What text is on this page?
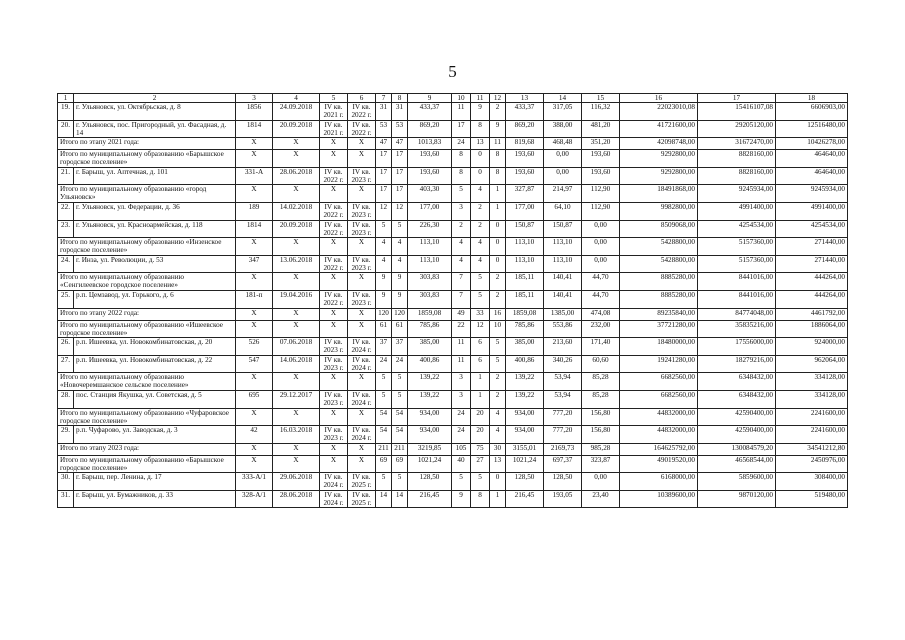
5
1	2	3	4	5	6	7	8	9	10	11	12	13	14	15	16	17	18
19.	г. Ульяновск, ул. Октябрьская, д. 8	1856	24.09.2018	IV кв. 2021 г.	IV кв. 2022 г.	31	31	433,37	11	9	2	433,37	317,05	116,32	22023010,08	15416107,08	6606903,00
20.	г. Ульяновск, пос. Пригородный, ул. Фасадная, д. 14	1814	20.09.2018	IV кв. 2021 г.	IV кв. 2022 г.	53	53	869,20	17	8	9	869,20	388,00	481,20	41721600,00	29205120,00	12516480,00
Итого по этапу 2021 года:		X	X	X	X	47	47	1013,83	24	13	11	819,68	468,48	351,20	42098748,00	31672470,00	10426278,00
Итого по муниципальному образованию «Барышское городское поселение»		X	X	X	X	17	17	193,60	8	0	8	193,60	0,00	193,60	9292800,00	8828160,00	464640,00
21.	г. Барыш, ул. Аптечная, д. 101	331-А	28.06.2018	IV кв. 2022 г.	IV кв. 2023 г.	17	17	193,60	8	0	8	193,60	0,00	193,60	9292800,00	8828160,00	464640,00
Итого по муниципальному образованию «город Ульяновск»		X	X	X	X	17	17	403,30	5	4	1	327,87	214,97	112,90	18491868,00	9245934,00	9245934,00
22.	г. Ульяновск, ул. Федерации, д. 36	189	14.02.2018	IV кв. 2022 г.	IV кв. 2023 г.	12	12	177,00	3	2	1	177,00	64,10	112,90	9982800,00	4991400,00	4991400,00
23.	г. Ульяновск, ул. Красноармейская, д. 118	1814	20.09.2018	IV кв. 2022 г.	IV кв. 2023 г.	5	5	226,30	2	2	0	150,87	150,87	0,00	8509068,00	4254534,00	4254534,00
Итого по муниципальному образованию «Инзенское городское поселение»		X	X	X	X	4	4	113,10	4	4	0	113,10	113,10	0,00	5428800,00	5157360,00	271440,00
24.	г. Инза, ул. Революции, д. 53	347	13.06.2018	IV кв. 2022 г.	IV кв. 2023 г.	4	4	113,10	4	4	0	113,10	113,10	0,00	5428800,00	5157360,00	271440,00
Итого по муниципальному образованию «Сенгилеевское городское поселение»		X	X	X	X	9	9	303,83	7	5	2	185,11	140,41	44,70	8885280,00	8441016,00	444264,00
25.	р.п. Цемзавод, ул. Горького, д. 6	181-п	19.04.2016	IV кв. 2022 г.	IV кв. 2023 г.	9	9	303,83	7	5	2	185,11	140,41	44,70	8885280,00	8441016,00	444264,00
Итого по этапу 2022 года:		X	X	X	X	120	120	1859,08	49	33	16	1859,08	1385,00	474,08	89235840,00	84774048,00	4461792,00
Итого по муниципальному образованию «Ишеевское городское поселение»		X	X	X	X	61	61	785,86	22	12	10	785,86	553,86	232,00	37721280,00	35835216,00	1886064,00
26.	р.п. Ишеевка, ул. Новокомбинатовская, д. 20	526	07.06.2018	IV кв. 2023 г.	IV кв. 2024 г.	37	37	385,00	11	6	5	385,00	213,60	171,40	18480000,00	17556000,00	924000,00
27.	р.п. Ишеевка, ул. Новокомбинатовская, д. 22	547	14.06.2018	IV кв. 2023 г.	IV кв. 2024 г.	24	24	400,86	11	6	5	400,86	340,26	60,60	19241280,00	18279216,00	962064,00
Итого по муниципальному образованию «Новочеремшанское сельское поселение»		X	X	X	X	5	5	139,22	3	1	2	139,22	53,94	85,28	6682560,00	6348432,00	334128,00
28.	пос. Станция Якушка, ул. Советская, д. 5	695	29.12.2017	IV кв. 2023 г.	IV кв. 2024 г.	5	5	139,22	3	1	2	139,22	53,94	85,28	6682560,00	6348432,00	334128,00
Итого по муниципальному образованию «Чуфаровское городское поселение»		X	X	X	X	54	54	934,00	24	20	4	934,00	777,20	156,80	44832000,00	42590400,00	2241600,00
29.	р.п. Чуфарово, ул. Заводская, д. 3	42	16.03.2018	IV кв. 2023 г.	IV кв. 2024 г.	54	54	934,00	24	20	4	934,00	777,20	156,80	44832000,00	42590400,00	2241600,00
Итого по этапу 2023 года:		X	X	X	X	211	211	3219,85	105	75	30	3155,01	2169,73	985,28	164625792,00	130084579,20	34541212,80
Итого по муниципальному образованию «Барышское городское поселение»		X	X	X	X	69	69	1021,24	40	27	13	1021,24	697,37	323,87	49019520,00	46568544,00	2450976,00
30.	г. Барыш, пер. Ленина, д. 17	333-А/1	29.06.2018	IV кв. 2024 г.	IV кв. 2025 г.	5	5	128,50	5	5	0	128,50	128,50	0,00	6168000,00	5859600,00	308400,00
31.	г. Барыш, ул. Бумажников, д. 33	328-А/1	28.06.2018	IV кв. 2024 г.	IV кв. 2025 г.	14	14	216,45	9	8	1	216,45	193,05	23,40	10389600,00	9870120,00	519480,00
